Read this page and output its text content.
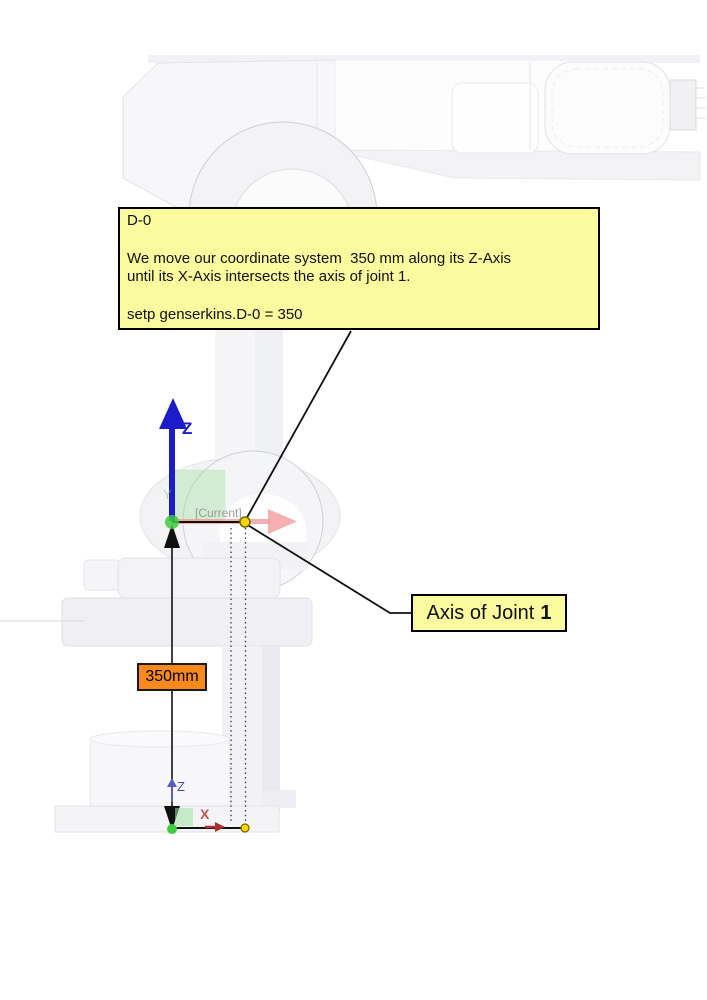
D-0

We move our coordinate system  350 mm along its Z-Axis

until its X-Axis intersects the axis of joint 1.

setp genserkins.D-0 = 350

Axis of Joint 1
350mm
[Current]
Z
Y
Z
X
